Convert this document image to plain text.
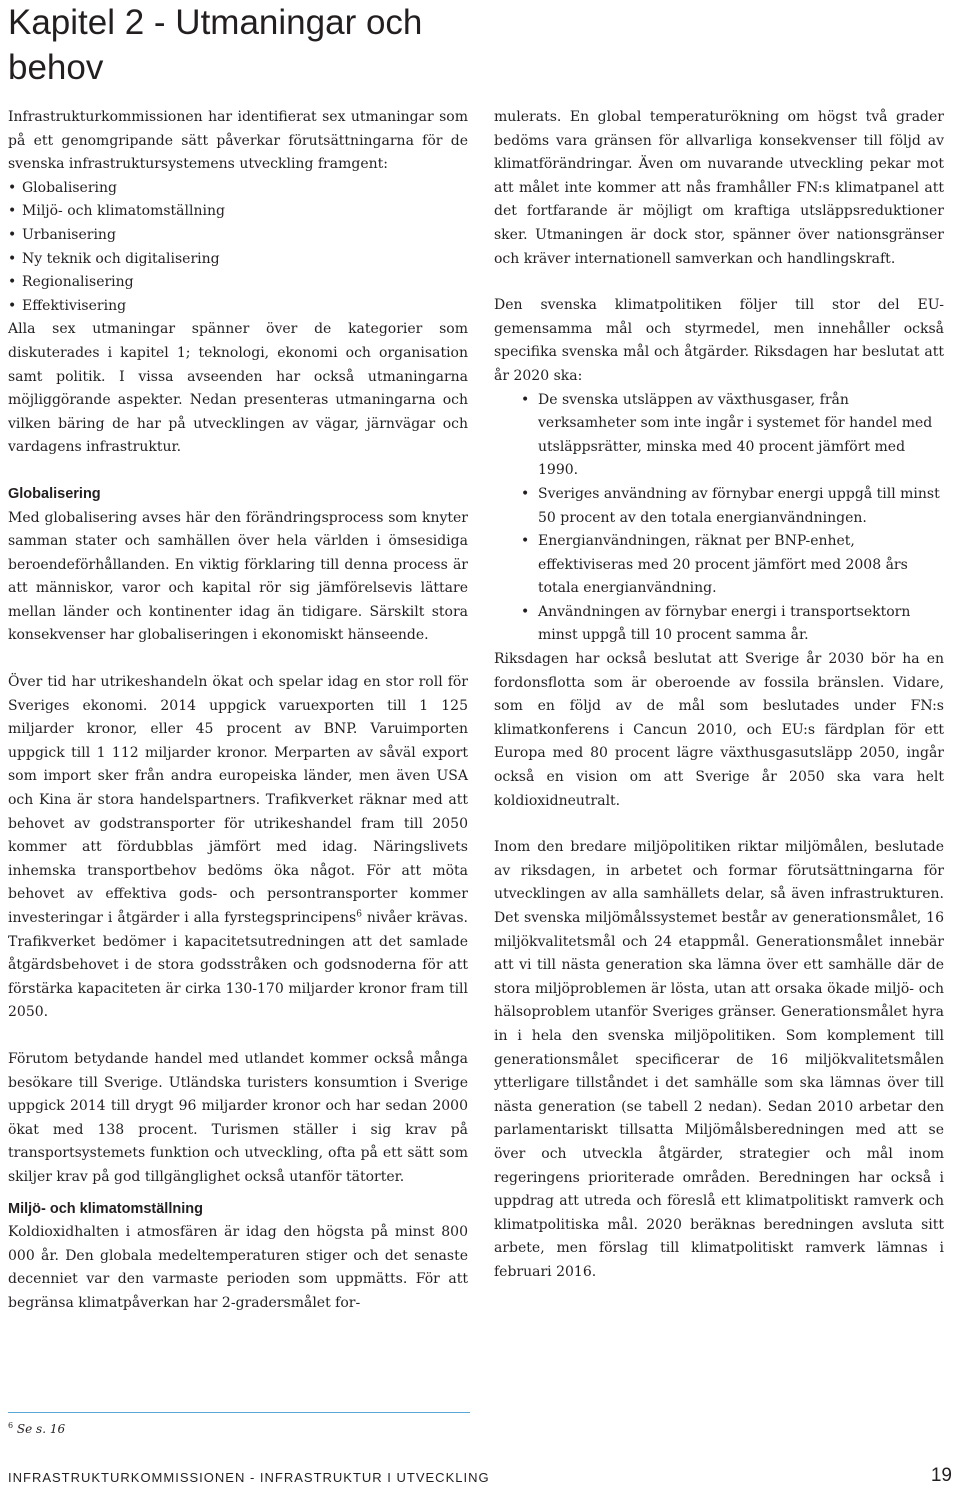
Kapitel 2 - Utmaningar och behov

Infrastrukturkommissionen har identifierat sex utmaningar som på ett genomgripande sätt påverkar förutsättningarna för de svenska infrastruktursystemens utveckling framgent:

• Globalisering
• Miljö- och klimatomställning
• Urbanisering
• Ny teknik och digitalisering
• Regionalisering
• Effektivisering

Alla sex utmaningar spänner över de kategorier som diskuterades i kapitel 1; teknologi, ekonomi och organisation samt politik. I vissa avseenden har också utmaningarna möjliggörande aspekter. Nedan presenteras utmaningarna och vilken bäring de har på utvecklingen av vägar, järnvägar och vardagens infrastruktur.

Globalisering

Med globalisering avses här den förändringsprocess som knyter samman stater och samhällen över hela världen i ömsesidiga beroendeförhållanden. En viktig förklaring till denna process är att människor, varor och kapital rör sig jämförelsevis lättare mellan länder och kontinenter idag än tidigare. Särskilt stora konsekvenser har globaliseringen i ekonomiskt hänseende.

Över tid har utrikeshandeln ökat och spelar idag en stor roll för Sveriges ekonomi. 2014 uppgick varuexporten till 1 125 miljarder kronor, eller 45 procent av BNP. Varuimporten uppgick till 1 112 miljarder kronor. Merparten av såväl export som import sker från andra europeiska länder, men även USA och Kina är stora handelspartners. Trafikverket räknar med att behovet av godstransporter för utrikeshandel fram till 2050 kommer att fördubblas jämfört med idag. Näringslivets inhemska transportbehov bedöms öka något. För att möta behovet av effektiva gods- och persontransporter kommer investeringar i åtgärder i alla fyrstegsprincipens$^6$ nivåer krävas. Trafikverket bedömer i kapacitetsutredningen att det samlade åtgärdsbehovet i de stora godsstråken och godsnoderna för att förstärka kapaciteten är cirka 130-170 miljarder kronor fram till 2050.

Förutom betydande handel med utlandet kommer också många besökare till Sverige. Utländska turisters konsumtion i Sverige uppgick 2014 till drygt 96 miljarder kronor och har sedan 2000 ökat med 138 procent. Turismen ställer i sig krav på transportsystemets funktion och utveckling, ofta på ett sätt som skiljer krav på god tillgänglighet också utanför tätorter.

Miljö- och klimatomställning

Koldioxidhalten i atmosfären är idag den högsta på minst 800 000 år. Den globala medeltemperaturen stiger och det senaste decenniet var den varmaste perioden som uppmätts. För att begränsa klimatpåverkan har 2-gradersmålet for-

mulerats. En global temperaturökning om högst två grader bedöms vara gränsen för allvarliga konsekvenser till följd av klimatförändringar. Även om nuvarande utveckling pekar mot att målet inte kommer att nås framhåller FN:s klimatpanel att det fortfarande är möjligt om kraftiga utsläppsreduktioner sker. Utmaningen är dock stor, spänner över nationsgränser och kräver internationell samverkan och handlingskraft.

Den svenska klimatpolitiken följer till stor del EU-gemensamma mål och styrmedel, men innehåller också specifika svenska mål och åtgärder. Riksdagen har beslutat att år 2020 ska:

• De svenska utsläppen av växthusgaser, från verksamheter som inte ingår i systemet för handel med utsläppsrätter, minska med 40 procent jämfört med 1990.
• Sveriges användning av förnybar energi uppgå till minst 50 procent av den totala energianvändningen.
• Energianvändningen, räknat per BNP-enhet, effektiviseras med 20 procent jämfört med 2008 års totala energianvändning.
• Användningen av förnybar energi i transportsektorn minst uppgå till 10 procent samma år.

Riksdagen har också beslutat att Sverige år 2030 bör ha en fordonsflotta som är oberoende av fossila bränslen. Vidare, som en följd av de mål som beslutades under FN:s klimatkonferens i Cancun 2010, och EU:s färdplan för ett Europa med 80 procent lägre växthusgasutsläpp 2050, ingår också en vision om att Sverige år 2050 ska vara helt koldioxidneutralt.

Inom den bredare miljöpolitiken riktar miljömålen, beslutade av riksdagen, in arbetet och formar förutsättningarna för utvecklingen av alla samhällets delar, så även infrastrukturen. Det svenska miljömålssystemet består av generationsmålet, 16 miljökvalitetsmål och 24 etappmål. Generationsmålet innebär att vi till nästa generation ska lämna över ett samhälle där de stora miljöproblemen är lösta, utan att orsaka ökade miljö- och hälsoproblem utanför Sveriges gränser. Generationsmålet hyra in i hela den svenska miljöpolitiken. Som komplement till generationsmålet specificerar de 16 miljökvalitetsmålen ytterligare tillståndet i det samhälle som ska lämnas över till nästa generation (se tabell 2 nedan). Sedan 2010 arbetar den parlamentariskt tillsatta Miljömålsberedningen med att se över och utveckla åtgärder, strategier och mål inom regeringens prioriterade områden. Beredningen har också i uppdrag att utreda och föreslå ett klimatpolitiskt ramverk och klimatpolitiska mål. 2020 beräknas beredningen avsluta sitt arbete, men förslag till klimatpolitiskt ramverk lämnas i februari 2016.

$^6$ Se s. 16
INFRASTRUKTURKOMMISSIONEN - INFRASTRUKTUR I UTVECKLING	19
